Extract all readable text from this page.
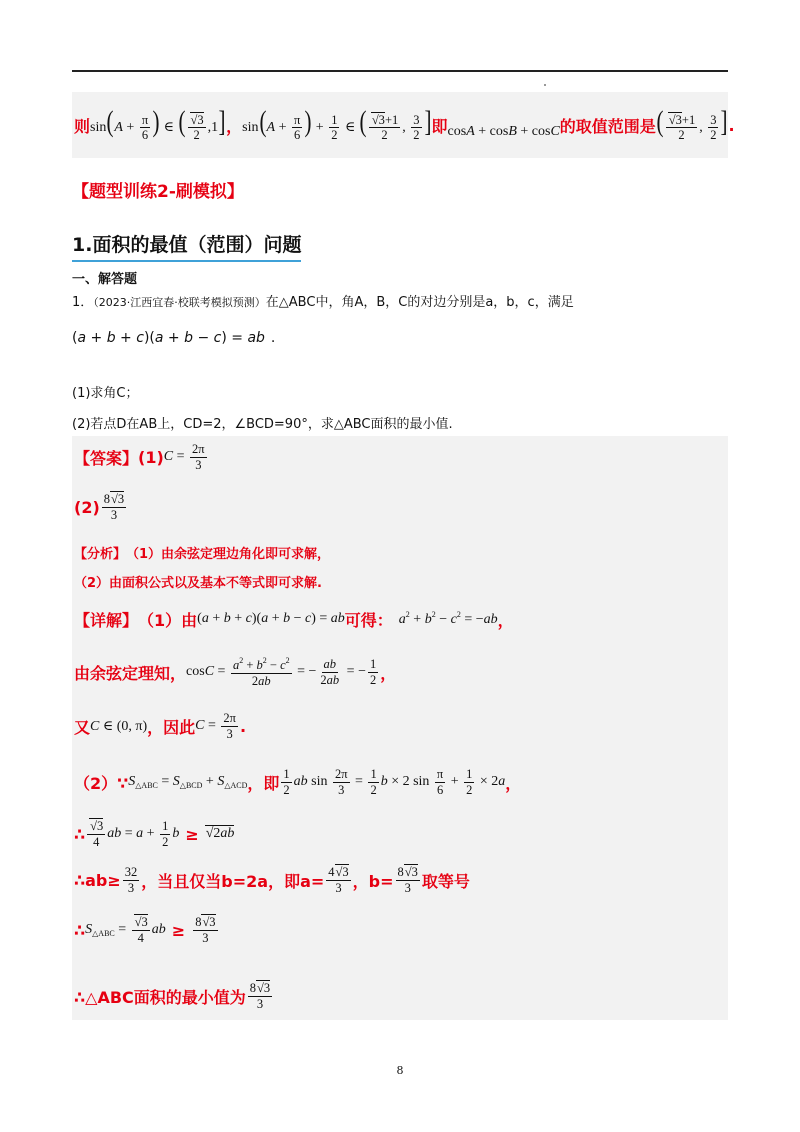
则 $\sin(A + \frac{\pi}{6}$ ) ∈ ( $\frac{√3}{2} ,1$] ， $\sin(A + \frac{\pi}{6}$ ) + $\frac{1}{2}$ ∈ ( $\frac{√3+1}{2}$ , $\frac{3}{2}$ ] 即 cosA + cosB + cosC 的取值范围是 ( $\frac{√3+1}{2}$ , $\frac{3}{2}$ ] .
【题型训练2-刷模拟】
1.面积的最值（范围）问题
一、解答题
1．（2023·江西宜春·校联考模拟预测）在△ABC中，角A，B，C的对边分别是a，b，c，满足
(a + b + c)(a + b − c) = ab .
(1)求角C；
(2)若点D在AB上，CD=2，∠BCD=90°，求△ABC面积的最小值.
【答案】 (1) $C = \frac{2\pi}{3}$
$(2) \frac{8√3}{3}$
【分析】 （1）由余弦定理边角化即可求解，
（2）由面积公式以及基本不等式即可求解.
【详解】 （1）由 (a + b + c)(a + b − c) = ab 可得： $a^2 + b^2 - c^2 = -ab$ ，
由余弦定理知， $\cos C = \frac{a^2 + b^2 - c^2}{2ab}$ = − $\frac{ab}{2ab}$ = − $\frac{1}{2}$ ，
又 C ∈ (0, π) ，因此 $C = \frac{2\pi}{3}$ .
（2）∵ $S_{\triangle ABC} = S_{\triangle BCD} + S_{\triangle ACD}$ ，即 $\frac{1}{2}$ ab $\sin \frac{2\pi}{3} = \frac{1}{2}$ b × 2 $\sin \frac{\pi}{6} + \frac{1}{2} \times 2a$ ，
∴ $\frac{√3}{4}$ ab = $a + \frac{1}{2}$ b ≥ √2ab
∴ab≥ $\frac{32}{3}$ ，当且仅当b=2a，即$a= \frac{4√3}{3}$ ，$b= \frac{8√3}{3}$ 取等号
∴ $S_{\triangle ABC} = \frac{√3}{4}$ ab ≥ $\frac{8√3}{3}$
∴△ABC面积的最小值为 $\frac{8√3}{3}$
8
